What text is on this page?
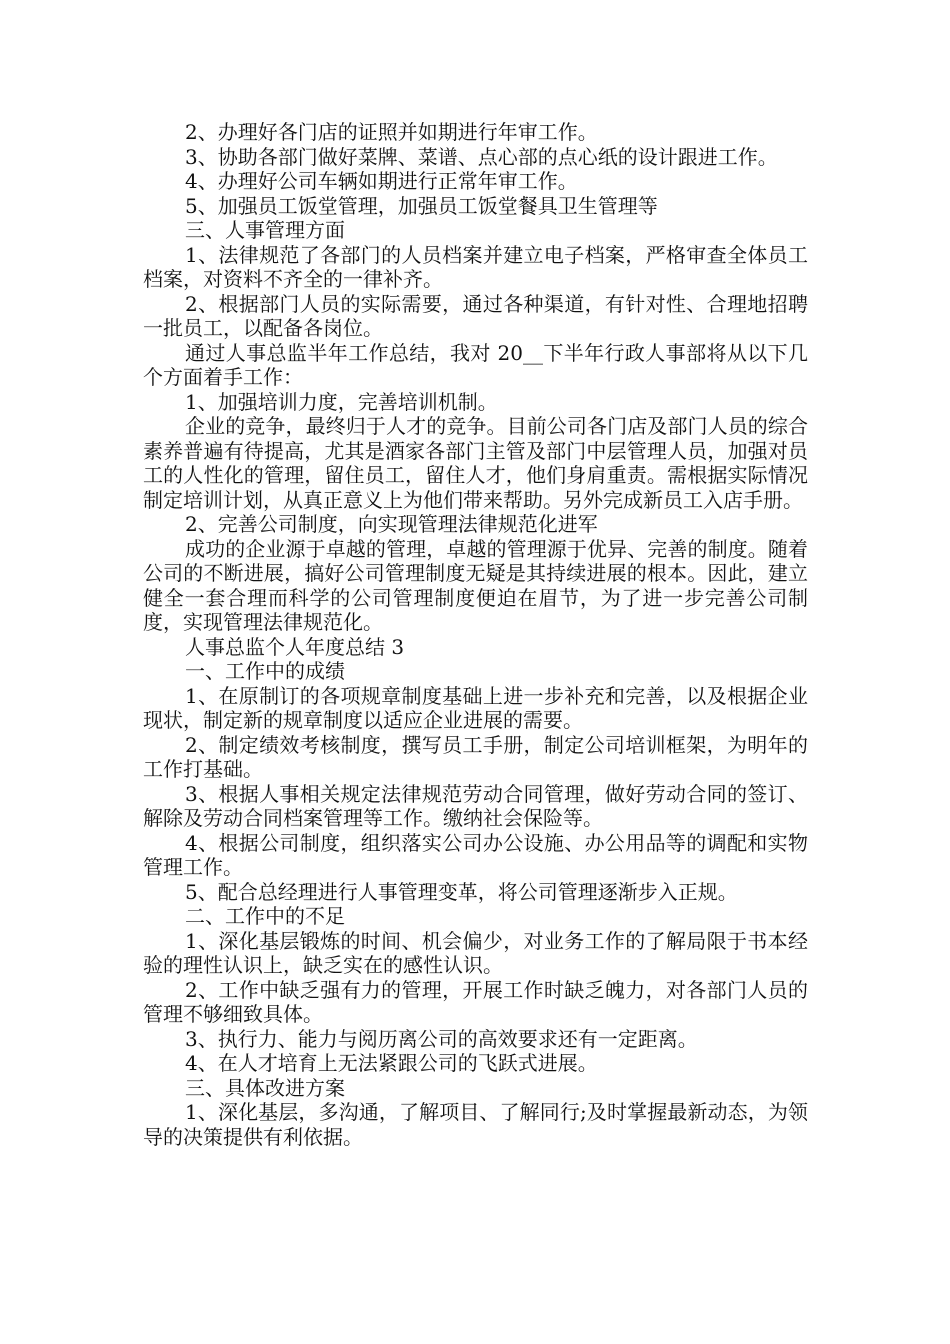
2、办理好各门店的证照并如期进行年审工作。

3、协助各部门做好菜牌、菜谱、点心部的点心纸的设计跟进工作。

4、办理好公司车辆如期进行正常年审工作。

5、加强员工饭堂管理，加强员工饭堂餐具卫生管理等

三、人事管理方面

1、法律规范了各部门的人员档案并建立电子档案，严格审查全体员工档案，对资料不齐全的一律补齐。

2、根据部门人员的实际需要，通过各种渠道，有针对性、合理地招聘一批员工，以配备各岗位。

通过人事总监半年工作总结，我对 20__下半年行政人事部将从以下几个方面着手工作：

1、加强培训力度，完善培训机制。

企业的竞争，最终归于人才的竞争。目前公司各门店及部门人员的综合素养普遍有待提高，尤其是酒家各部门主管及部门中层管理人员，加强对员工的人性化的管理，留住员工，留住人才，他们身肩重责。需根据实际情况制定培训计划，从真正意义上为他们带来帮助。另外完成新员工入店手册。

2、完善公司制度，向实现管理法律规范化进军

成功的企业源于卓越的管理，卓越的管理源于优异、完善的制度。随着公司的不断进展，搞好公司管理制度无疑是其持续进展的根本。因此，建立健全一套合理而科学的公司管理制度便迫在眉节，为了进一步完善公司制度，实现管理法律规范化。

人事总监个人年度总结 3

一、工作中的成绩

1、在原制订的各项规章制度基础上进一步补充和完善，以及根据企业现状，制定新的规章制度以适应企业进展的需要。

2、制定绩效考核制度，撰写员工手册，制定公司培训框架，为明年的工作打基础。

3、根据人事相关规定法律规范劳动合同管理，做好劳动合同的签订、解除及劳动合同档案管理等工作。缴纳社会保险等。

4、根据公司制度，组织落实公司办公设施、办公用品等的调配和实物管理工作。

5、配合总经理进行人事管理变革，将公司管理逐渐步入正规。

二、工作中的不足

1、深化基层锻炼的时间、机会偏少，对业务工作的了解局限于书本经验的理性认识上，缺乏实在的感性认识。

2、工作中缺乏强有力的管理，开展工作时缺乏魄力，对各部门人员的管理不够细致具体。

3、执行力、能力与阅历离公司的高效要求还有一定距离。

4、在人才培育上无法紧跟公司的飞跃式进展。

三、具体改进方案

1、深化基层，多沟通，了解项目、了解同行;及时掌握最新动态，为领导的决策提供有利依据。
